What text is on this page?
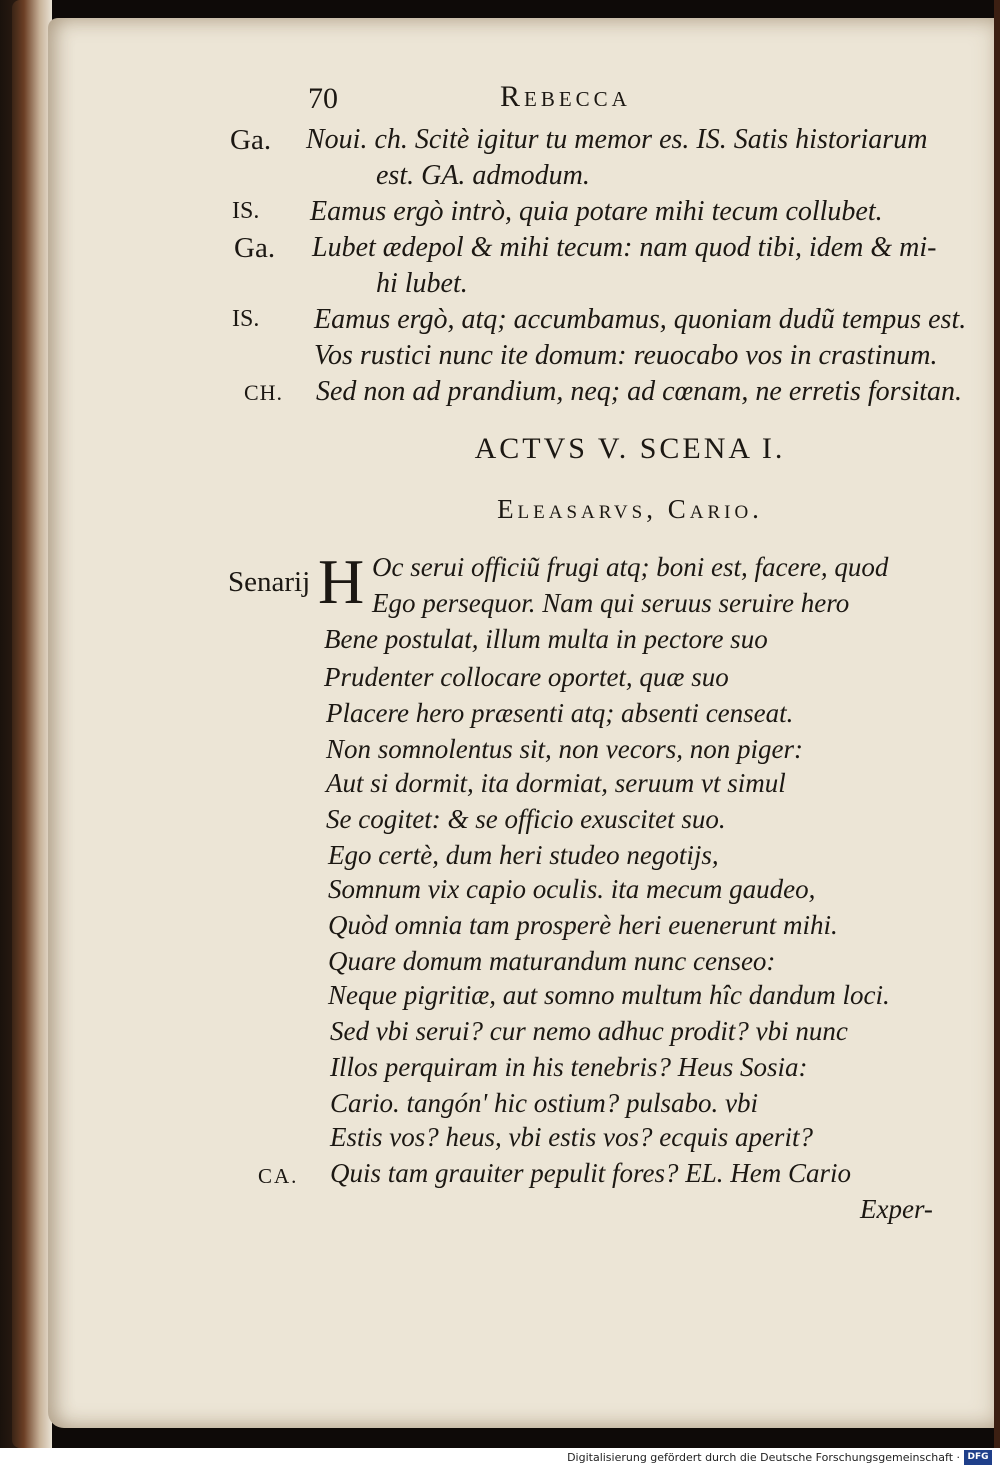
70	Rebecca
Ga. Noui. ch. Scitè igitur tu memor es. IS. Satis historiarum
est. GA. admodum.
IS. Eamus ergò intrò, quia potare mihi tecum collubet.
Ga. Lubet ædepol & mihi tecum: nam quod tibi, idem & mi-
hi lubet.
IS. Eamus ergò, atq; accumbamus, quoniam dudũ tempus est.
Vos rustici nunc ite domum: reuocabo vos in crastinum.
CH. Sed non ad prandium, neq; ad cœnam, ne erretis forsitan.
ACTVS V. SCENA I.
Eleasarvs, Cario.
Senarij H Oc serui officiũ frugi atq; boni est, facere, quod
Ego persequor. Nam qui seruus seruire hero
Bene postulat, illum multa in pectore suo
Prudenter collocare oportet, quæ suo
Placere hero præsenti atq; absenti censeat.
Non somnolentus sit, non vecors, non piger:
Aut si dormit, ita dormiat, seruum vt simul
Se cogitet: & se officio exuscitet suo.
Ego certè, dum heri studeo negotijs,
Somnum vix capio oculis. ita mecum gaudeo,
Quòd omnia tam prosperè heri euenerunt mihi.
Quare domum maturandum nunc censeo:
Neque pigritiæ, aut somno multum hîc dandum loci.
Sed vbi serui? cur nemo adhuc prodit? vbi nunc
Illos perquiram in his tenebris? Heus Sosia:
Cario. tangón' hic ostium? pulsabo. vbi
Estis vos? heus, vbi estis vos? ecquis aperit?
CA. Quis tam grauiter pepulit fores? EL. Hem Cario
Exper-
Digitalisierung gefördert durch die Deutsche Forschungsgemeinschaft · DFG
